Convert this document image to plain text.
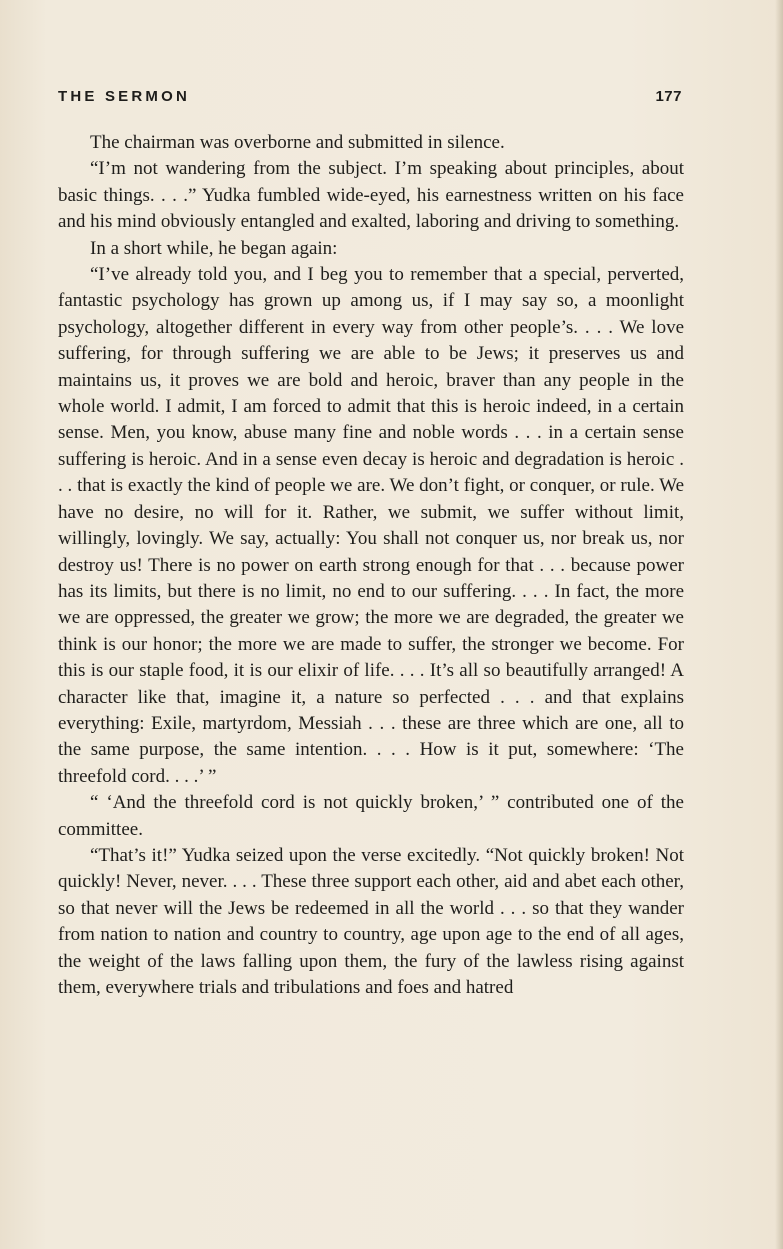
THE SERMON	177

The chairman was overborne and submitted in silence.

“I’m not wandering from the subject. I’m speaking about principles, about basic things. . . .” Yudka fumbled wide-eyed, his earnestness written on his face and his mind obviously entangled and exalted, laboring and driving to something.

In a short while, he began again:

“I’ve already told you, and I beg you to remember that a special, perverted, fantastic psychology has grown up among us, if I may say so, a moonlight psychology, altogether different in every way from other people’s. . . . We love suffering, for through suffering we are able to be Jews; it preserves us and maintains us, it proves we are bold and heroic, braver than any people in the whole world. I admit, I am forced to admit that this is heroic indeed, in a certain sense. Men, you know, abuse many fine and noble words . . . in a certain sense suffering is heroic. And in a sense even decay is heroic and degradation is heroic . . . that is exactly the kind of people we are. We don’t fight, or conquer, or rule. We have no desire, no will for it. Rather, we submit, we suffer without limit, willingly, lovingly. We say, actually: You shall not conquer us, nor break us, nor destroy us! There is no power on earth strong enough for that . . . because power has its limits, but there is no limit, no end to our suffering. . . . In fact, the more we are oppressed, the greater we grow; the more we are degraded, the greater we think is our honor; the more we are made to suffer, the stronger we become. For this is our staple food, it is our elixir of life. . . . It’s all so beautifully arranged! A character like that, imagine it, a nature so perfected . . . and that explains everything: Exile, martyrdom, Messiah . . . these are three which are one, all to the same purpose, the same intention. . . . How is it put, somewhere: ‘The threefold cord. . . .’ ”

“ ‘And the threefold cord is not quickly broken,’ ” contributed one of the committee.

“That’s it!” Yudka seized upon the verse excitedly. “Not quickly broken! Not quickly! Never, never. . . . These three support each other, aid and abet each other, so that never will the Jews be redeemed in all the world . . . so that they wander from nation to nation and country to country, age upon age to the end of all ages, the weight of the laws falling upon them, the fury of the lawless rising against them, everywhere trials and tribulations and foes and hatred
